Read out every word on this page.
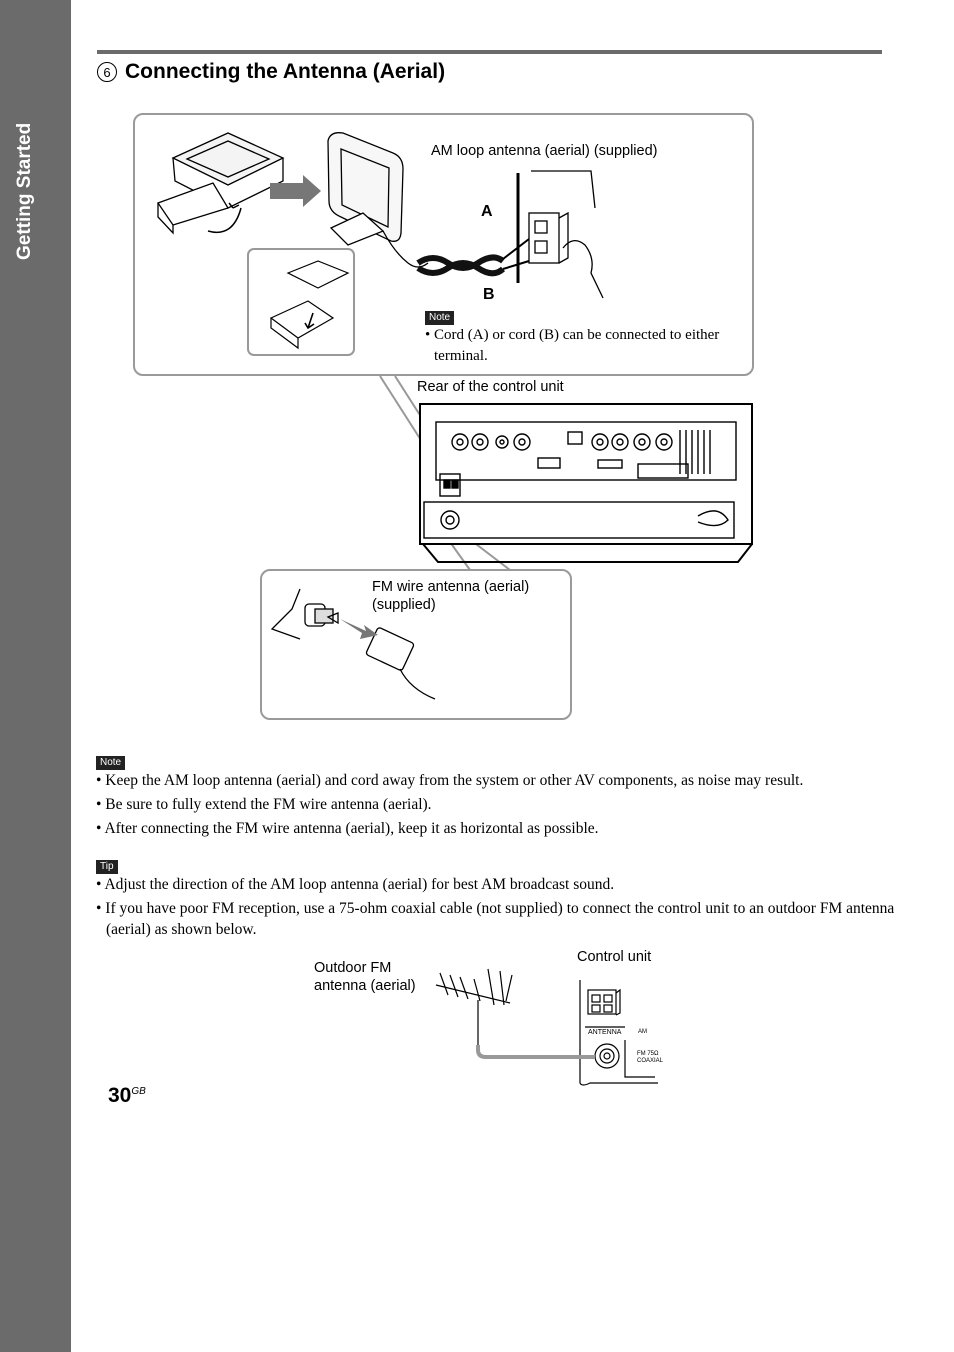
Getting Started
6 Connecting the Antenna (Aerial)
AM loop antenna (aerial) (supplied)
A
B
Note
• Cord (A) or cord (B) can be connected to either terminal.
Rear of the control unit
FM wire antenna (aerial)
(supplied)
Note
• Keep the AM loop antenna (aerial) and cord away from the system or other AV components, as noise may result.
• Be sure to fully extend the FM wire antenna (aerial).
• After connecting the FM wire antenna (aerial), keep it as horizontal as possible.
Tip
• Adjust the direction of the AM loop antenna (aerial) for best AM broadcast sound.
• If you have poor FM reception, use a 75-ohm coaxial cable (not supplied) to connect the control unit to an outdoor FM antenna (aerial) as shown below.
Outdoor FM
antenna (aerial)
Control unit
ANTENNA	AM
FM 75Ω
COAXIAL
$30^{GB}$
